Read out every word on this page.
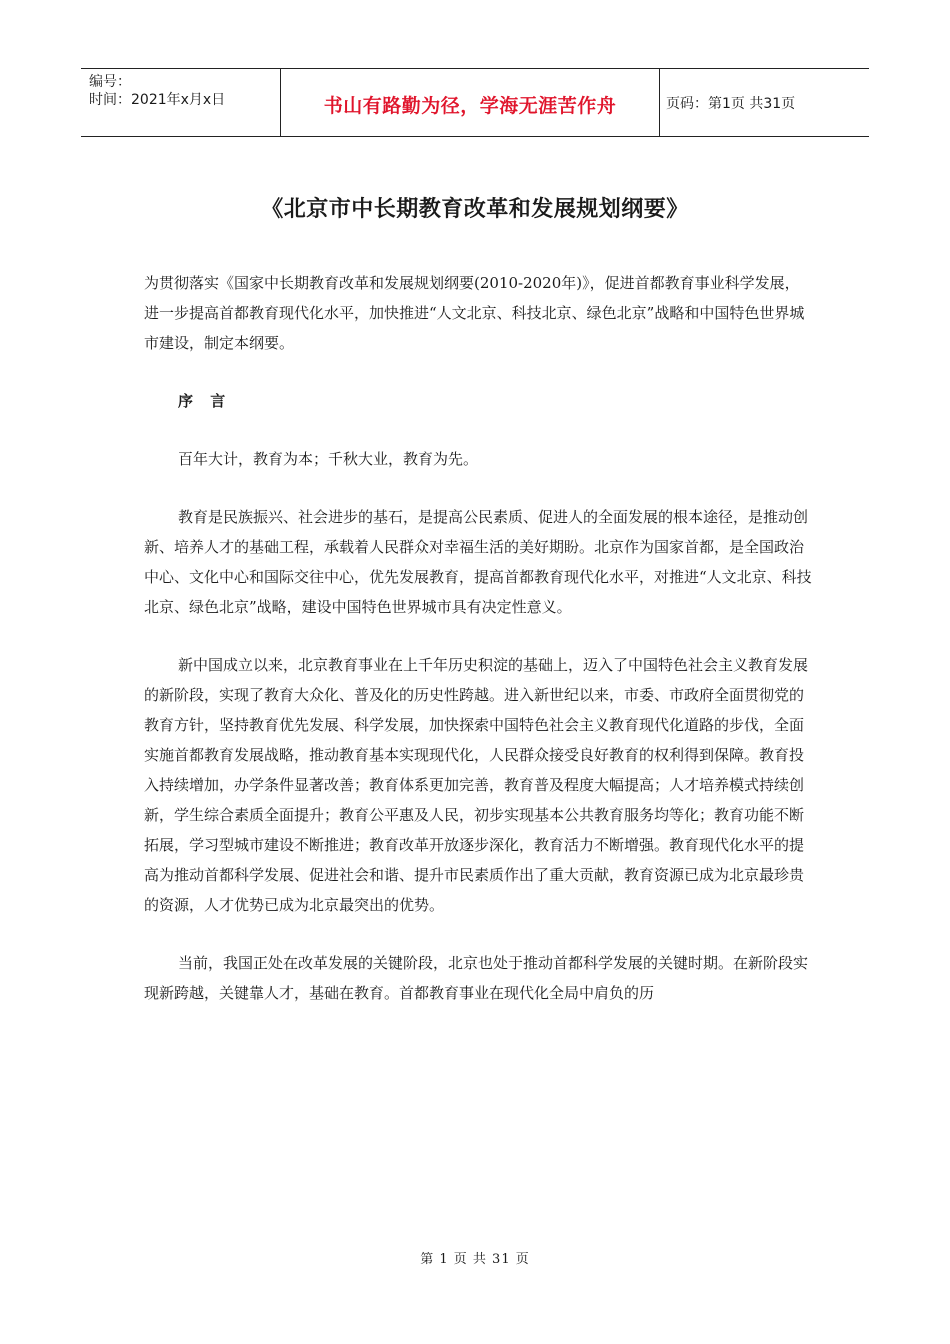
编号：
时间：2021年x月x日	书山有路勤为径，学海无涯苦作舟	页码：第1页 共31页
《北京市中长期教育改革和发展规划纲要》

为贯彻落实《国家中长期教育改革和发展规划纲要(2010-2020年)》，促进首都教育事业科学发展，进一步提高首都教育现代化水平，加快推进“人文北京、科技北京、绿色北京”战略和中国特色世界城市建设，制定本纲要。

序 言

百年大计，教育为本；千秋大业，教育为先。

教育是民族振兴、社会进步的基石，是提高公民素质、促进人的全面发展的根本途径，是推动创新、培养人才的基础工程，承载着人民群众对幸福生活的美好期盼。北京作为国家首都，是全国政治中心、文化中心和国际交往中心，优先发展教育，提高首都教育现代化水平，对推进“人文北京、科技北京、绿色北京”战略，建设中国特色世界城市具有决定性意义。

新中国成立以来，北京教育事业在上千年历史积淀的基础上，迈入了中国特色社会主义教育发展的新阶段，实现了教育大众化、普及化的历史性跨越。进入新世纪以来，市委、市政府全面贯彻党的教育方针，坚持教育优先发展、科学发展，加快探索中国特色社会主义教育现代化道路的步伐，全面实施首都教育发展战略，推动教育基本实现现代化，人民群众接受良好教育的权利得到保障。教育投入持续增加，办学条件显著改善；教育体系更加完善，教育普及程度大幅提高；人才培养模式持续创新，学生综合素质全面提升；教育公平惠及人民，初步实现基本公共教育服务均等化；教育功能不断拓展，学习型城市建设不断推进；教育改革开放逐步深化，教育活力不断增强。教育现代化水平的提高为推动首都科学发展、促进社会和谐、提升市民素质作出了重大贡献，教育资源已成为北京最珍贵的资源，人才优势已成为北京最突出的优势。

当前，我国正处在改革发展的关键阶段，北京也处于推动首都科学发展的关键时期。在新阶段实现新跨越，关键靠人才，基础在教育。首都教育事业在现代化全局中肩负的历

第 1 页 共 31 页
